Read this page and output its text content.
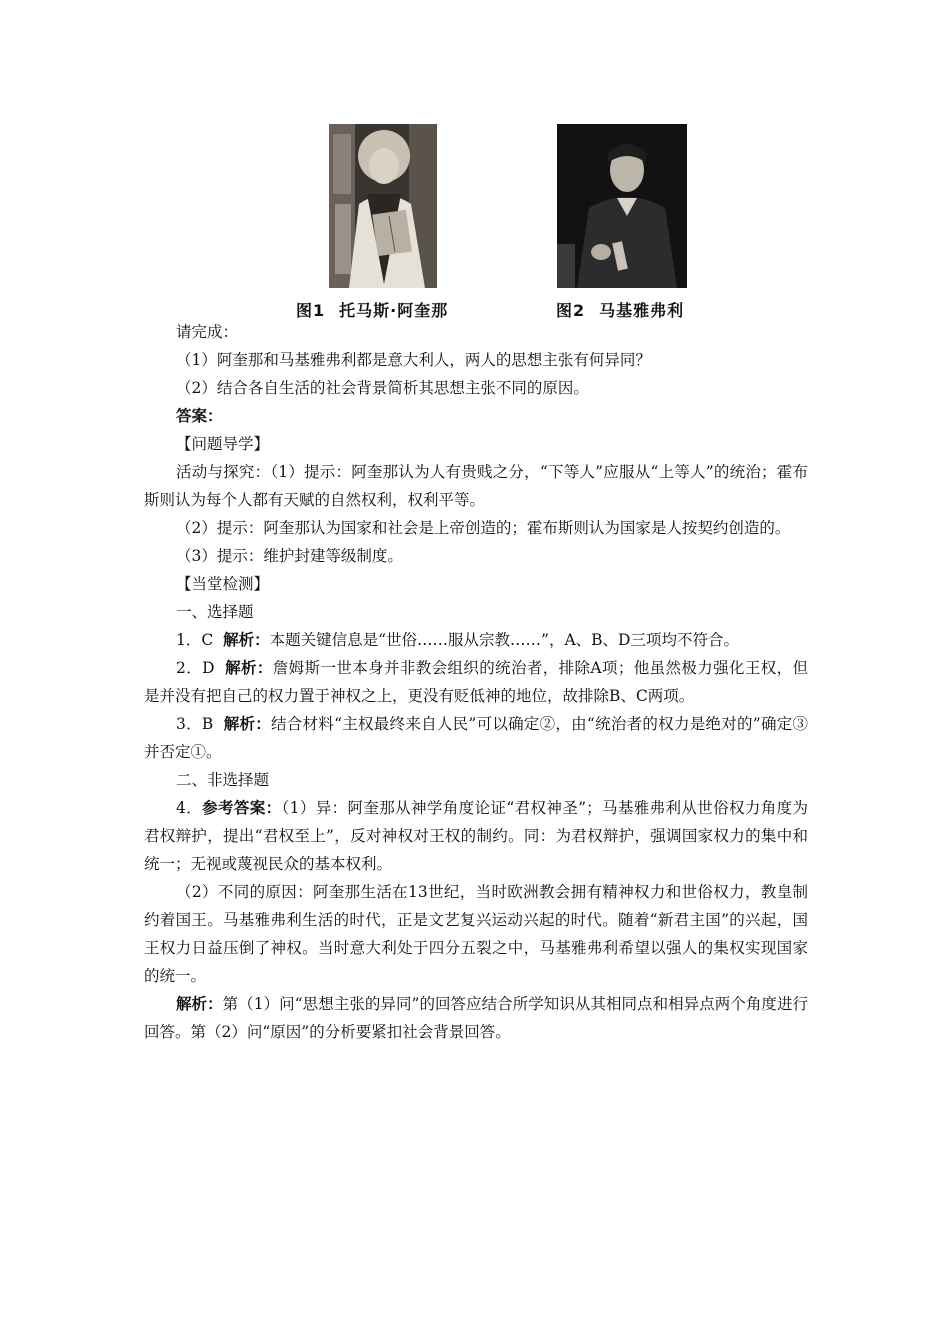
图1 托马斯·阿奎那	图2 马基雅弗利

请完成：

（1）阿奎那和马基雅弗利都是意大利人，两人的思想主张有何异同？

（2）结合各自生活的社会背景简析其思想主张不同的原因。

答案：

【问题导学】

活动与探究：（1）提示：阿奎那认为人有贵贱之分，“下等人”应服从“上等人”的统治；霍布斯则认为每个人都有天赋的自然权利，权利平等。

（2）提示：阿奎那认为国家和社会是上帝创造的；霍布斯则认为国家是人按契约创造的。

（3）提示：维护封建等级制度。

【当堂检测】

一、选择题

1．C 解析：本题关键信息是“世俗……服从宗教……”，A、B、D三项均不符合。

2．D 解析：詹姆斯一世本身并非教会组织的统治者，排除A项；他虽然极力强化王权，但是并没有把自己的权力置于神权之上，更没有贬低神的地位，故排除B、C两项。

3．B 解析：结合材料“主权最终来自人民”可以确定②，由“统治者的权力是绝对的”确定③并否定①。

二、非选择题

4．参考答案：（1）异：阿奎那从神学角度论证“君权神圣”；马基雅弗利从世俗权力角度为君权辩护，提出“君权至上”，反对神权对王权的制约。同：为君权辩护，强调国家权力的集中和统一；无视或蔑视民众的基本权利。

（2）不同的原因：阿奎那生活在13世纪，当时欧洲教会拥有精神权力和世俗权力，教皇制约着国王。马基雅弗利生活的时代，正是文艺复兴运动兴起的时代。随着“新君主国”的兴起，国王权力日益压倒了神权。当时意大利处于四分五裂之中，马基雅弗利希望以强人的集权实现国家的统一。

解析：第（1）问“思想主张的异同”的回答应结合所学知识从其相同点和相异点两个角度进行回答。第（2）问“原因”的分析要紧扣社会背景回答。
